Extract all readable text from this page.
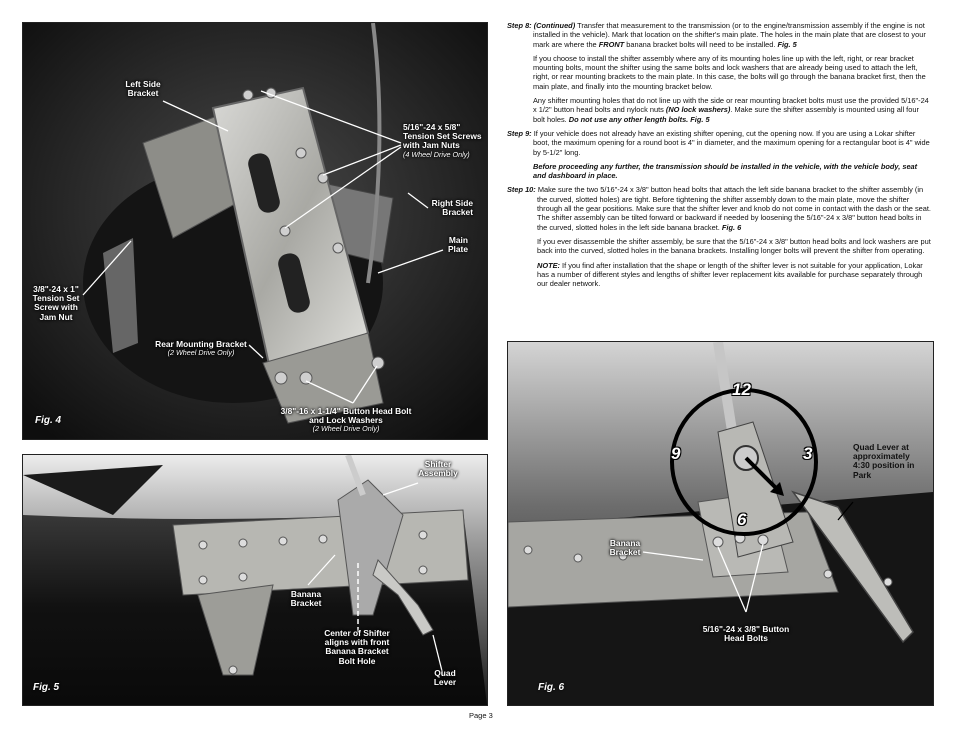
Left Side Bracket
5/16"-24 x 5/8" Tension Set Screws with Jam Nuts
(4 Wheel Drive Only)
Right Side Bracket
Main Plate
3/8"-24 x 1" Tension Set Screw with Jam Nut
Rear Mounting Bracket
(2 Wheel Drive Only)
3/8"-16 x 1-1/4" Button Head Bolt and Lock Washers
(2 Wheel Drive Only)
Fig. 4
Shifter Assembly
Banana Bracket
Center of Shifter aligns with front Banana Bracket Bolt Hole
Quad Lever
Fig. 5
12
3
6
9	Quad Lever at approximately 4:30 position in Park
Banana Bracket
5/16"-24 x 3/8" Button Head Bolts
Fig. 6
Step 8: (Continued) Transfer that measurement to the transmission (or to the engine/transmission assembly if the engine is not installed in the vehicle). Mark that location on the shifter's main plate. The holes in the main plate that are closest to your mark are where the FRONT banana bracket bolts will need to be installed. Fig. 5

If you choose to install the shifter assembly where any of its mounting holes line up with the left, right, or rear bracket mounting bolts, mount the shifter using the same bolts and lock washers that are already being used to attach the left, right, or rear mounting brackets to the main plate. In this case, the bolts will go through the banana bracket first, then the main plate, and finally into the mounting bracket below.

Any shifter mounting holes that do not line up with the side or rear mounting bracket bolts must use the provided 5/16"-24 x 1/2" button head bolts and nylock nuts (NO lock washers). Make sure the shifter assembly is mounted using all four bolt holes. Do not use any other length bolts. Fig. 5

Step 9: If your vehicle does not already have an existing shifter opening, cut the opening now. If you are using a Lokar shifter boot, the maximum opening for a round boot is 4" in diameter, and the maximum opening for a rectangular boot is 4" wide by 5-1/2" long.

Before proceeding any further, the transmission should be installed in the vehicle, with the vehicle body, seat and dashboard in place.

Step 10: Make sure the two 5/16"-24 x 3/8" button head bolts that attach the left side banana bracket to the shifter assembly (in the curved, slotted holes) are tight. Before tightening the shifter assembly down to the main plate, move the shifter through all the gear positions. Make sure that the shifter lever and knob do not come in contact with the dash or the seat. The shifter assembly can be tilted forward or backward if needed by loosening the 5/16"-24 x 3/8" button head bolts in the curved, slotted holes in the left side banana bracket. Fig. 6

If you ever disassemble the shifter assembly, be sure that the 5/16"-24 x 3/8" button head bolts and lock washers are put back into the curved, slotted holes in the banana brackets. Installing longer bolts will prevent the shifter from operating.

NOTE: If you find after installation that the shape or length of the shifter lever is not suitable for your application, Lokar has a number of different styles and lengths of shifter lever replacement kits available for purchase separately through our dealer network.

Page 3
